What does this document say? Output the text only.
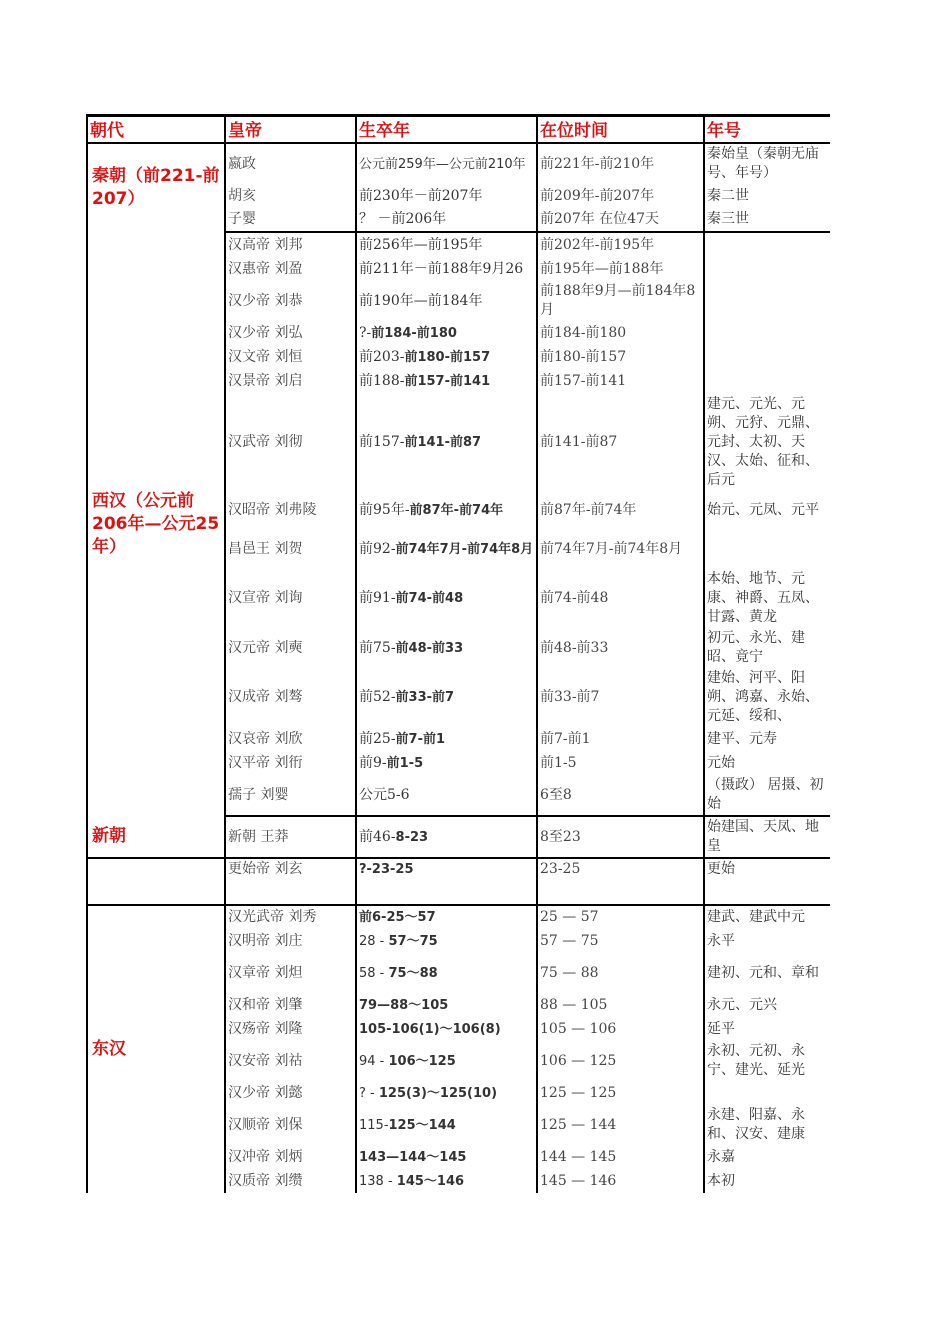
朝代	皇帝	生卒年	在位时间	年号
秦朝（前221-前207）	嬴政	公元前259年—公元前210年	前221年-前210年	秦始皇（秦朝无庙号、年号）
	胡亥	前230年－前207年	前209年-前207年	秦二世
	子婴	？ －前206年	前207年 在位47天	秦三世
西汉（公元前206年—公元25年）	汉高帝 刘邦	前256年—前195年	前202年-前195年	
	汉惠帝 刘盈	前211年－前188年9月26	前195年—前188年	
	汉少帝 刘恭	前190年—前184年	前188年9月—前184年8月	
	汉少帝 刘弘	?-前184-前180	前184-前180	
	汉文帝 刘恒	前203-前180-前157	前180-前157	
	汉景帝 刘启	前188-前157-前141	前157-前141	
	汉武帝 刘彻	前157-前141-前87	前141-前87	建元、元光、元朔、元狩、元鼎、元封、太初、天汉、太始、征和、后元
	汉昭帝 刘弗陵	前95年-前87年-前74年	前87年-前74年	始元、元凤、元平
	昌邑王 刘贺	前92-前74年7月-前74年8月	前74年7月-前74年8月	
	汉宣帝 刘询	前91-前74-前48	前74-前48	本始、地节、元康、神爵、五凤、甘露、黄龙
	汉元帝 刘奭	前75-前48-前33	前48-前33	初元、永光、建昭、竟宁
	汉成帝 刘骜	前52-前33-前7	前33-前7	建始、河平、阳朔、鸿嘉、永始、元延、绥和、
	汉哀帝 刘欣	前25-前7-前1	前7-前1	建平、元寿
	汉平帝 刘衎	前9-前1-5	前1-5	元始
	孺子 刘婴	公元5-6	6至8	（摄政） 居摄、初始
新朝	新朝 王莽	前46-8-23	8至23	始建国、天凤、地皇
	更始帝 刘玄	?-23-25	23-25	更始
东汉	汉光武帝 刘秀	前6-25～57	25 — 57	建武、建武中元
	汉明帝 刘庄	28 - 57～75	57 — 75	永平
	汉章帝 刘炟	58 - 75～88	75 — 88	建初、元和、章和
	汉和帝 刘肇	79—88～105	88 — 105	永元、元兴
	汉殇帝 刘隆	105-106(1)～106(8)	105 — 106	延平
	汉安帝 刘祜	94 - 106～125	106 — 125	永初、元初、永宁、建光、延光
	汉少帝 刘懿	? - 125(3)～125(10)	125 — 125	
	汉顺帝 刘保	115-125～144	125 — 144	永建、阳嘉、永和、汉安、建康
	汉冲帝 刘炳	143—144～145	144 — 145	永嘉
	汉质帝 刘缵	138 - 145～146	145 — 146	本初
